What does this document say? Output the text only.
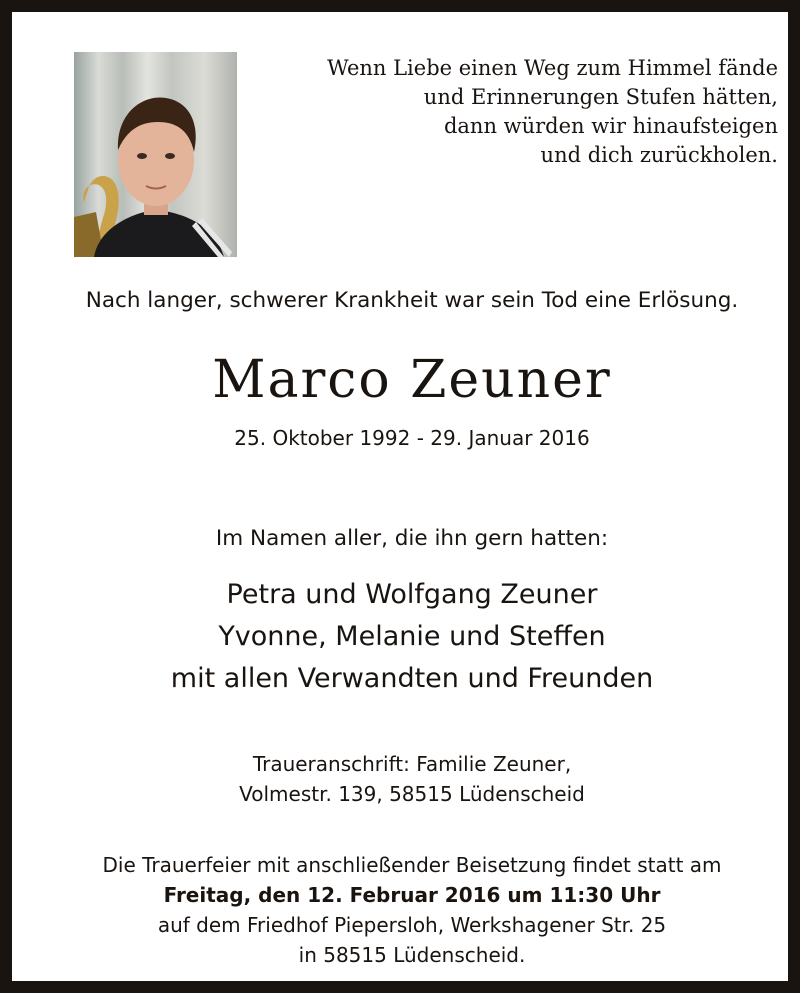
Wenn Liebe einen Weg zum Himmel fände
und Erinnerungen Stufen hätten,
dann würden wir hinaufsteigen
und dich zurückholen.
Nach langer, schwerer Krankheit war sein Tod eine Erlösung.
Marco Zeuner
25. Oktober 1992 - 29. Januar 2016
Im Namen aller, die ihn gern hatten:
Petra und Wolfgang Zeuner
Yvonne, Melanie und Steffen
mit allen Verwandten und Freunden
Traueranschrift: Familie Zeuner,
Volmestr. 139, 58515 Lüdenscheid
Die Trauerfeier mit anschließender Beisetzung findet statt am
Freitag, den 12. Februar 2016 um 11:30 Uhr
auf dem Friedhof Piepersloh, Werkshagener Str. 25
in 58515 Lüdenscheid.
